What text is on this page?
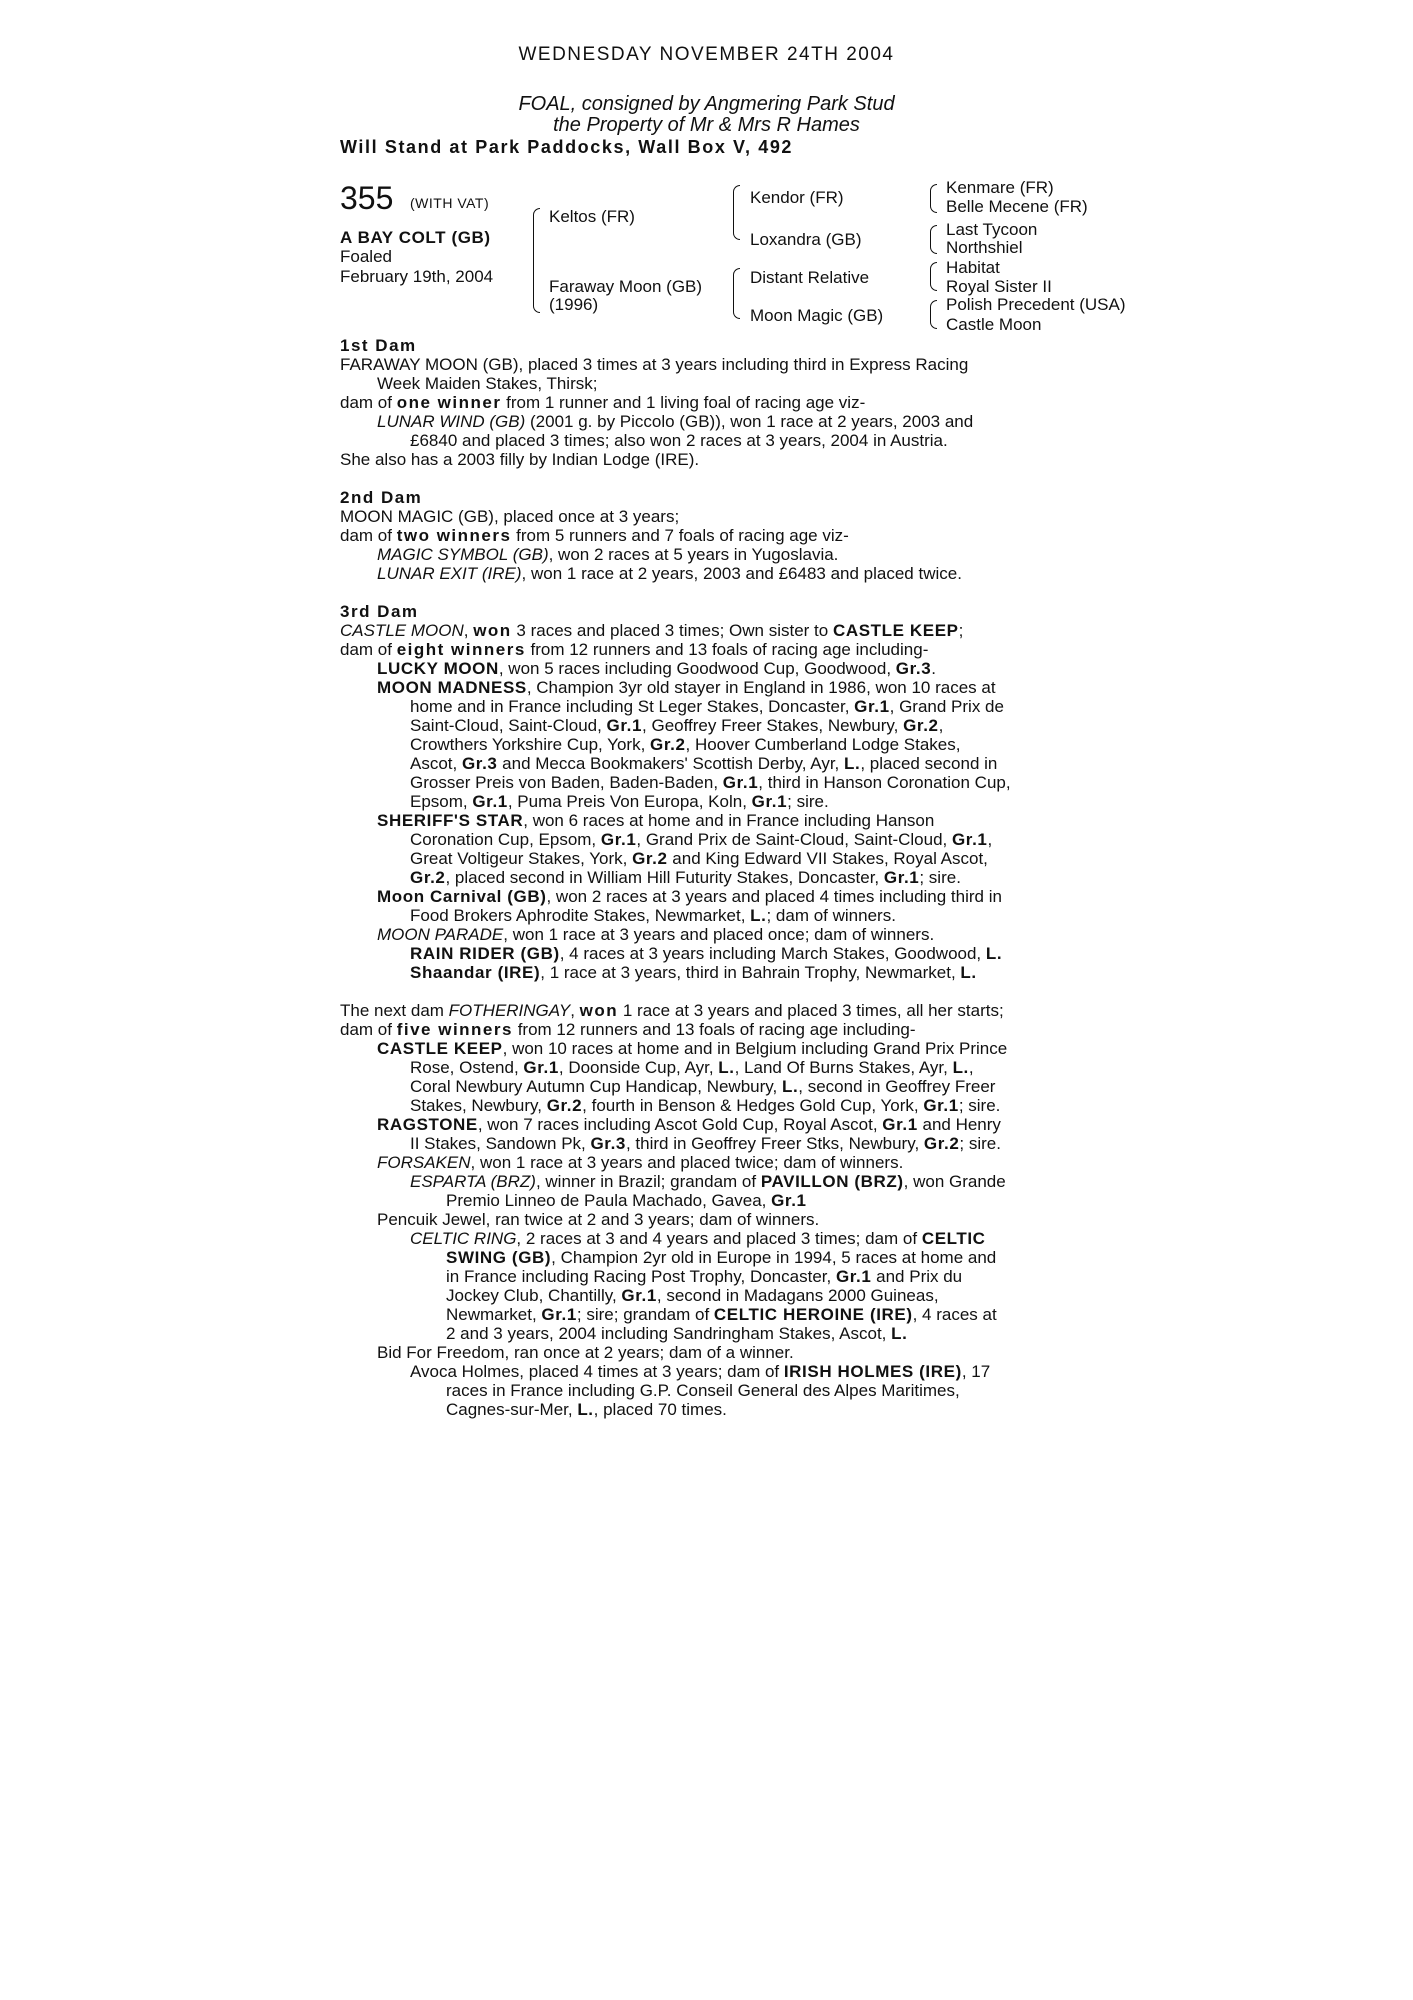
WEDNESDAY NOVEMBER 24TH 2004
FOAL, consigned by Angmering Park Stud
the Property of Mr & Mrs R Hames
Will Stand at Park Paddocks, Wall Box V, 492
355 (WITH VAT)
A BAY COLT (GB)
Foaled
February 19th, 2004
Keltos (FR)
Faraway Moon (GB)
(1996)
Kendor (FR)
Loxandra (GB)
Distant Relative
Moon Magic (GB)
Kenmare (FR)
Belle Mecene (FR)
Last Tycoon
Northshiel
Habitat
Royal Sister II
Polish Precedent (USA)
Castle Moon
1st Dam
FARAWAY MOON (GB), placed 3 times at 3 years including third in Express Racing
Week Maiden Stakes, Thirsk;
dam of one winner from 1 runner and 1 living foal of racing age viz-
LUNAR WIND (GB) (2001 g. by Piccolo (GB)), won 1 race at 2 years, 2003 and
£6840 and placed 3 times; also won 2 races at 3 years, 2004 in Austria.
She also has a 2003 filly by Indian Lodge (IRE).
2nd Dam
MOON MAGIC (GB), placed once at 3 years;
dam of two winners from 5 runners and 7 foals of racing age viz-
MAGIC SYMBOL (GB), won 2 races at 5 years in Yugoslavia.
LUNAR EXIT (IRE), won 1 race at 2 years, 2003 and £6483 and placed twice.
3rd Dam
CASTLE MOON, won 3 races and placed 3 times; Own sister to CASTLE KEEP;
dam of eight winners from 12 runners and 13 foals of racing age including-
LUCKY MOON, won 5 races including Goodwood Cup, Goodwood, Gr.3.
MOON MADNESS, Champion 3yr old stayer in England in 1986, won 10 races at
home and in France including St Leger Stakes, Doncaster, Gr.1, Grand Prix de
Saint-Cloud, Saint-Cloud, Gr.1, Geoffrey Freer Stakes, Newbury, Gr.2,
Crowthers Yorkshire Cup, York, Gr.2, Hoover Cumberland Lodge Stakes,
Ascot, Gr.3 and Mecca Bookmakers' Scottish Derby, Ayr, L., placed second in
Grosser Preis von Baden, Baden-Baden, Gr.1, third in Hanson Coronation Cup,
Epsom, Gr.1, Puma Preis Von Europa, Koln, Gr.1; sire.
SHERIFF'S STAR, won 6 races at home and in France including Hanson
Coronation Cup, Epsom, Gr.1, Grand Prix de Saint-Cloud, Saint-Cloud, Gr.1,
Great Voltigeur Stakes, York, Gr.2 and King Edward VII Stakes, Royal Ascot,
Gr.2, placed second in William Hill Futurity Stakes, Doncaster, Gr.1; sire.
Moon Carnival (GB), won 2 races at 3 years and placed 4 times including third in
Food Brokers Aphrodite Stakes, Newmarket, L.; dam of winners.
MOON PARADE, won 1 race at 3 years and placed once; dam of winners.
RAIN RIDER (GB), 4 races at 3 years including March Stakes, Goodwood, L.
Shaandar (IRE), 1 race at 3 years, third in Bahrain Trophy, Newmarket, L.
The next dam FOTHERINGAY, won 1 race at 3 years and placed 3 times, all her starts;
dam of five winners from 12 runners and 13 foals of racing age including-
CASTLE KEEP, won 10 races at home and in Belgium including Grand Prix Prince
Rose, Ostend, Gr.1, Doonside Cup, Ayr, L., Land Of Burns Stakes, Ayr, L.,
Coral Newbury Autumn Cup Handicap, Newbury, L., second in Geoffrey Freer
Stakes, Newbury, Gr.2, fourth in Benson & Hedges Gold Cup, York, Gr.1; sire.
RAGSTONE, won 7 races including Ascot Gold Cup, Royal Ascot, Gr.1 and Henry
II Stakes, Sandown Pk, Gr.3, third in Geoffrey Freer Stks, Newbury, Gr.2; sire.
FORSAKEN, won 1 race at 3 years and placed twice; dam of winners.
ESPARTA (BRZ), winner in Brazil; grandam of PAVILLON (BRZ), won Grande
Premio Linneo de Paula Machado, Gavea, Gr.1
Pencuik Jewel, ran twice at 2 and 3 years; dam of winners.
CELTIC RING, 2 races at 3 and 4 years and placed 3 times; dam of CELTIC
SWING (GB), Champion 2yr old in Europe in 1994, 5 races at home and
in France including Racing Post Trophy, Doncaster, Gr.1 and Prix du
Jockey Club, Chantilly, Gr.1, second in Madagans 2000 Guineas,
Newmarket, Gr.1; sire; grandam of CELTIC HEROINE (IRE), 4 races at
2 and 3 years, 2004 including Sandringham Stakes, Ascot, L.
Bid For Freedom, ran once at 2 years; dam of a winner.
Avoca Holmes, placed 4 times at 3 years; dam of IRISH HOLMES (IRE), 17
races in France including G.P. Conseil General des Alpes Maritimes,
Cagnes-sur-Mer, L., placed 70 times.
